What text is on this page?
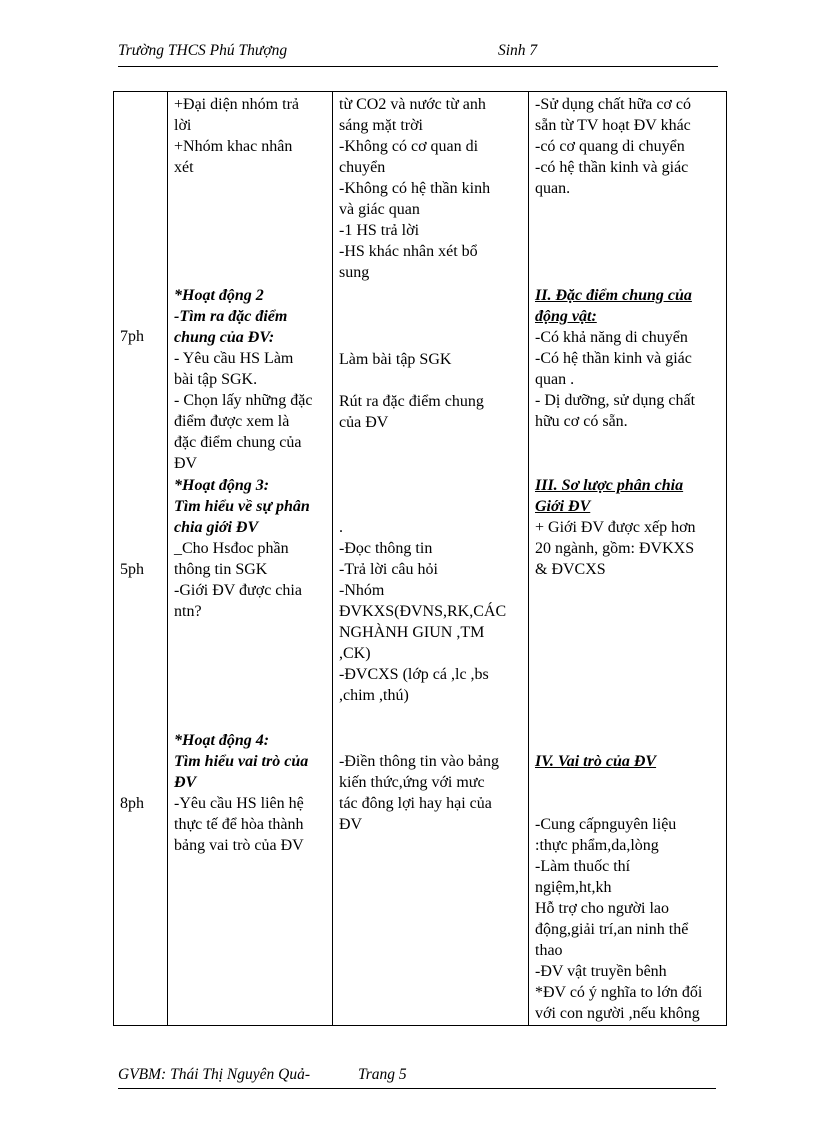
Trường THCS Phú Thượng	Sinh 7
7ph
5ph
8ph
+Đại diện nhóm trả
lời
+Nhóm khac nhân
xét
*Hoạt động 2
-Tìm ra đặc điểm
chung của ĐV:
- Yêu cầu HS Làm
bài tập SGK.
- Chọn lấy những đặc
điểm được xem là
đặc điểm chung của
ĐV
*Hoạt động 3:
Tìm hiểu về sự phân
chia giới ĐV
_Cho Hsđoc phần
thông tin SGK
-Giới ĐV được chia
ntn?
*Hoạt động 4:
Tìm hiểu vai trò của
ĐV
-Yêu cầu HS liên hệ
thực tế để hòa thành
bảng vai trò của ĐV
từ CO2 và nước từ anh
sáng mặt trời
-Không có cơ quan di
chuyển
-Không có hệ thần kinh
và giác quan
-1 HS trả lời
-HS khác nhân xét bổ
sung
Làm bài tập SGK
Rút ra đặc điểm chung
của ĐV
.
-Đọc thông tin
-Trả lời câu hỏi
-Nhóm
ĐVKXS(ĐVNS,RK,CÁC
NGHÀNH GIUN ,TM
,CK)
-ĐVCXS (lớp cá ,lc ,bs
,chim ,thú)
-Điền thông tin vào bảng
kiến thức,ứng với mưc
tác đông lợi hay hại của
ĐV
-Sử dụng chất hữa cơ có
sẵn từ TV hoạt ĐV khác
-có cơ quang di chuyển
-có hệ thần kinh và giác
quan.
II. Đặc điểm chung của
động vật:
-Có khả năng di chuyển
-Có hệ thần kinh và giác
quan .
- Dị dưỡng, sử dụng chất
hữu cơ có sẵn.
III. Sơ lược phân chia
Giới ĐV
+ Giới ĐV được xếp hơn
20 ngành, gồm: ĐVKXS
& ĐVCXS
IV. Vai trò của ĐV
-Cung cấpnguyên liệu
:thực phẩm,da,lòng
-Làm thuốc thí
ngiệm,ht,kh
Hỗ trợ cho người lao
động,giải trí,an ninh thể
thao
-ĐV vật truyền bênh
*ĐV có ý nghĩa to lớn đối
với con người ,nếu không
GVBM: Thái Thị Nguyên Quả-	Trang 5
